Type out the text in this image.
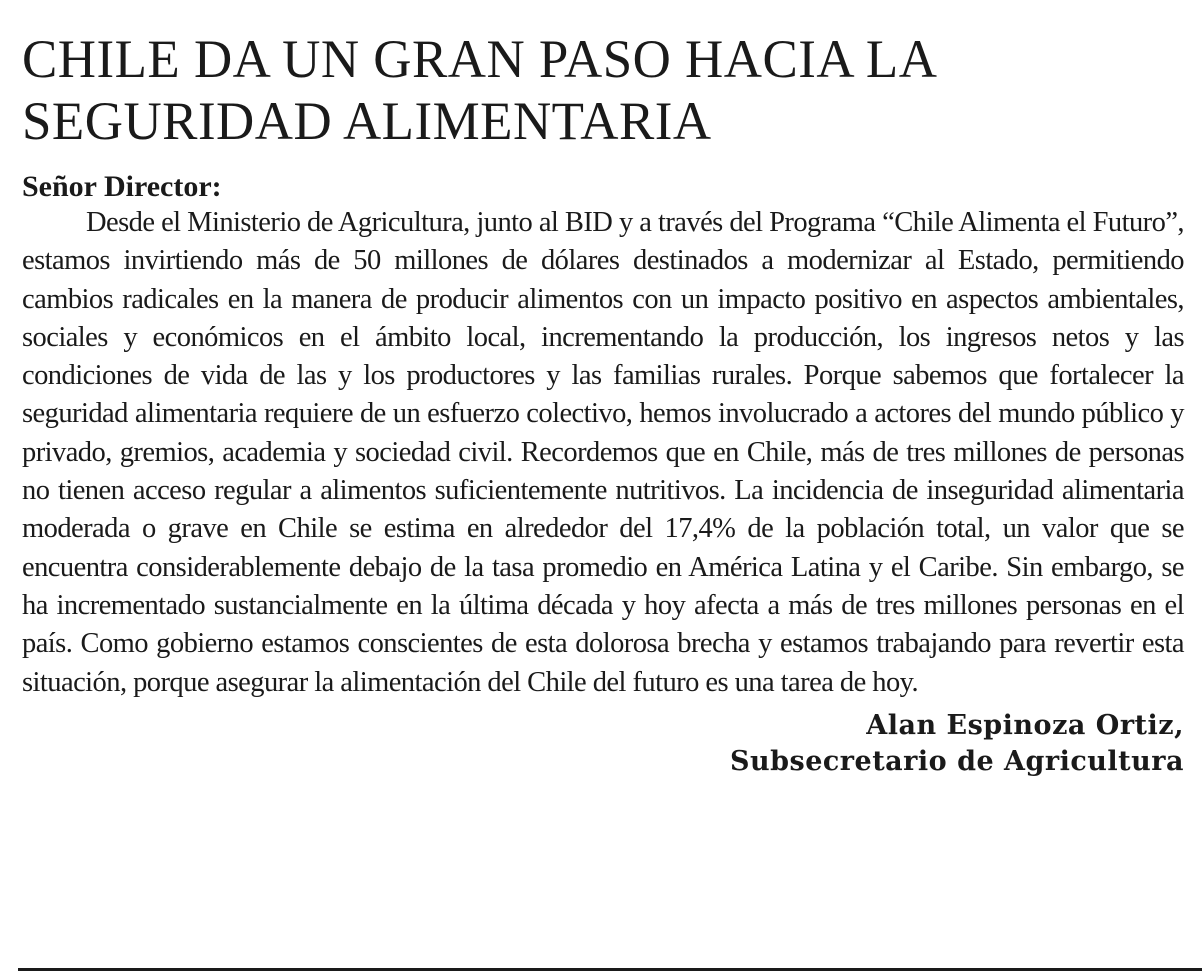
CHILE DA UN GRAN PASO HACIA LA SEGURIDAD ALIMENTARIA

Señor Director:

Desde el Ministerio de Agricultura, junto al BID y a través del Programa “Chile Alimenta el Futuro”, estamos invirtiendo más de 50 millones de dólares destinados a modernizar al Estado, permitiendo cambios radicales en la manera de producir alimentos con un impacto positivo en aspectos ambientales, sociales y económicos en el ámbito local, incrementando la producción, los ingresos netos y las condiciones de vida de las y los productores y las familias rurales. Porque sabemos que fortalecer la seguridad alimentaria requiere de un esfuerzo colectivo, hemos involucrado a actores del mundo público y privado, gremios, academia y sociedad civil. Recordemos que en Chile, más de tres millones de personas no tienen acceso regular a alimentos suficientemente nutritivos. La incidencia de inseguridad alimentaria moderada o grave en Chile se estima en alrededor del 17,4% de la población total, un valor que se encuentra considerablemente debajo de la tasa promedio en América Latina y el Caribe. Sin embargo, se ha incrementado sustancialmente en la última década y hoy afecta a más de tres millones personas en el país. Como gobierno estamos conscientes de esta dolorosa brecha y estamos trabajando para revertir esta situación, porque asegurar la alimentación del Chile del futuro es una tarea de hoy.

Alan Espinoza Ortiz,
Subsecretario de Agricultura
